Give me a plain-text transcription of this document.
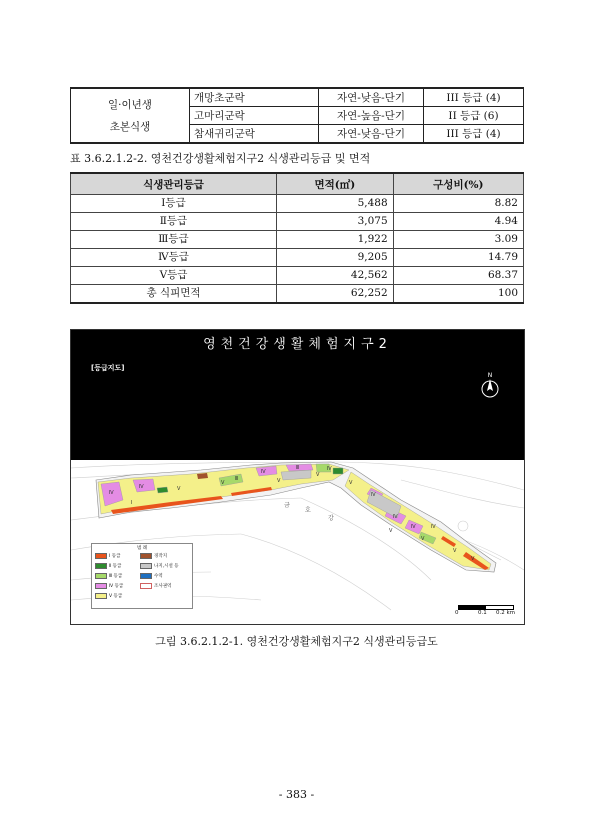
일·이년생
초본식생	개망초군락	자연-낮음-단기	III 등급 (4)
	고마리군락	자연-높음-단기	II 등급 (6)
	참새귀리군락	자연-낮음-단기	III 등급 (4)
표 3.6.2.1.2-2. 영천건강생활체험지구2 식생관리등급 및 면적
식생관리등급	면적(㎡)	구성비(%)
Ⅰ등급	5,488	8.82
Ⅱ등급	3,075	4.94
Ⅲ등급	1,922	3.09
Ⅳ등급	9,205	14.79
Ⅴ등급	42,562	68.37
총 식피면적	62,252	100
영천건강생활체험지구2
[등급지도]
N
Ⅳ
Ⅳ	Ⅴ
Ⅰ
Ⅴ
Ⅲ
Ⅳ
Ⅴ
Ⅲ
Ⅴ
Ⅳ
Ⅴ
Ⅳ
Ⅳ
Ⅴ
Ⅳ
Ⅴ
Ⅳ
Ⅴ
Ⅴ
금
호
강
범 례
Ⅰ 등급	경작지
Ⅱ 등급	나지,시설 등
Ⅲ 등급	수역
Ⅳ 등급	조사권역
Ⅴ 등급
0	0.1 0.2 km
그림 3.6.2.1.2-1. 영천건강생활체험지구2 식생관리등급도
- 383 -
